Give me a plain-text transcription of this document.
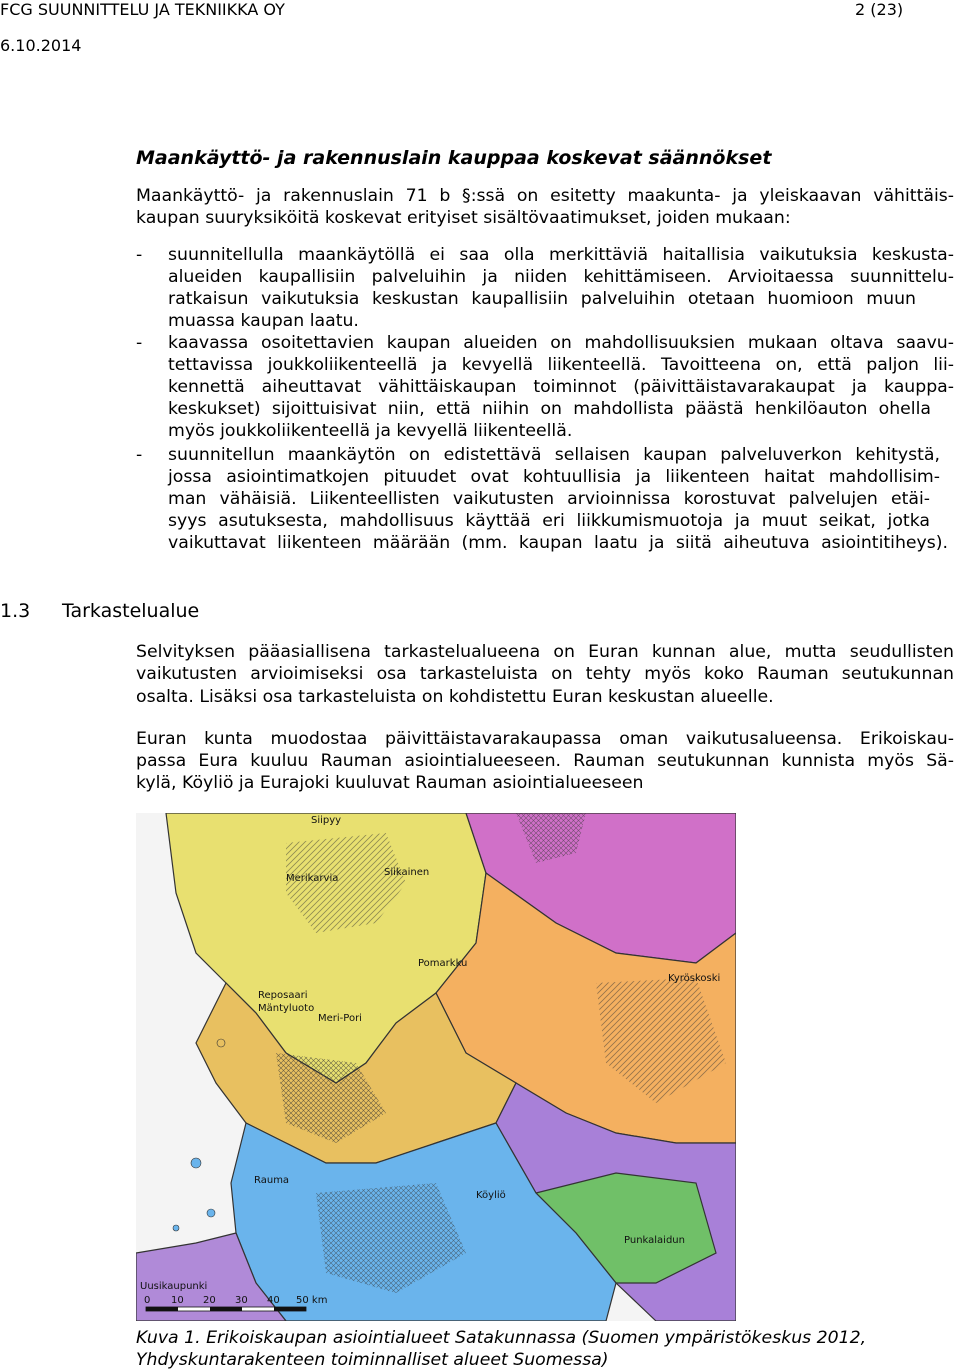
FCG SUUNNITTELU JA TEKNIIKKA OY	2 (23)
6.10.2014
Maankäyttö- ja rakennuslain kauppaa koskevat säännökset
Maankäyttö- ja rakennuslain 71 b §:ssä on esitetty maakunta- ja yleiskaavan vähittäis-
kaupan suuryksiköitä koskevat erityiset sisältövaatimukset, joiden mukaan:
- suunnitellulla maankäytöllä ei saa olla merkittäviä haitallisia vaikutuksia keskusta-
alueiden kaupallisiin palveluihin ja niiden kehittämiseen. Arvioitaessa suunnittelu-
ratkaisun vaikutuksia keskustan kaupallisiin palveluihin otetaan huomioon muun
muassa kaupan laatu.
- kaavassa osoitettavien kaupan alueiden on mahdollisuuksien mukaan oltava saavu-
tettavissa joukkoliikenteellä ja kevyellä liikenteellä. Tavoitteena on, että paljon lii-
kennettä aiheuttavat vähittäiskaupan toiminnot (päivittäistavarakaupat ja kauppa-
keskukset) sijoittuisivat niin, että niihin on mahdollista päästä henkilöauton ohella
myös joukkoliikenteellä ja kevyellä liikenteellä.
- suunnitellun maankäytön on edistettävä sellaisen kaupan palveluverkon kehitystä,
jossa asiointimatkojen pituudet ovat kohtuullisia ja liikenteen haitat mahdollisim-
man vähäisiä. Liikenteellisten vaikutusten arvioinnissa korostuvat palvelujen etäi-
syys asutuksesta, mahdollisuus käyttää eri liikkumismuotoja ja muut seikat, jotka
vaikuttavat liikenteen määrään (mm. kaupan laatu ja siitä aiheutuva asiointitiheys).
1.3 Tarkastelualue
Selvityksen pääasiallisena tarkastelualueena on Euran kunnan alue, mutta seudullisten
vaikutusten arvioimiseksi osa tarkasteluista on tehty myös koko Rauman seutukunnan
osalta. Lisäksi osa tarkasteluista on kohdistettu Euran keskustan alueelle.
Euran kunta muodostaa päivittäistavarakaupassa oman vaikutusalueensa. Erikoiskau-
passa Eura kuuluu Rauman asiointialueeseen. Rauman seutukunnan kunnista myös Sä-
kylä, Köyliö ja Eurajoki kuuluvat Rauman asiointialueeseen
Siipyy
Merikarvia
Siikainen
Pomarkku
Reposaari
Mäntyluoto
Meri-Pori
Rauma
Köyliö
Punkalaidun
Kyröskoski
Uusikaupunki
0 10 20 30 40 50 km
Kuva 1. Erikoiskaupan asiointialueet Satakunnassa (Suomen ympäristökeskus 2012,
Yhdyskuntarakenteen toiminnalliset alueet Suomessa)
